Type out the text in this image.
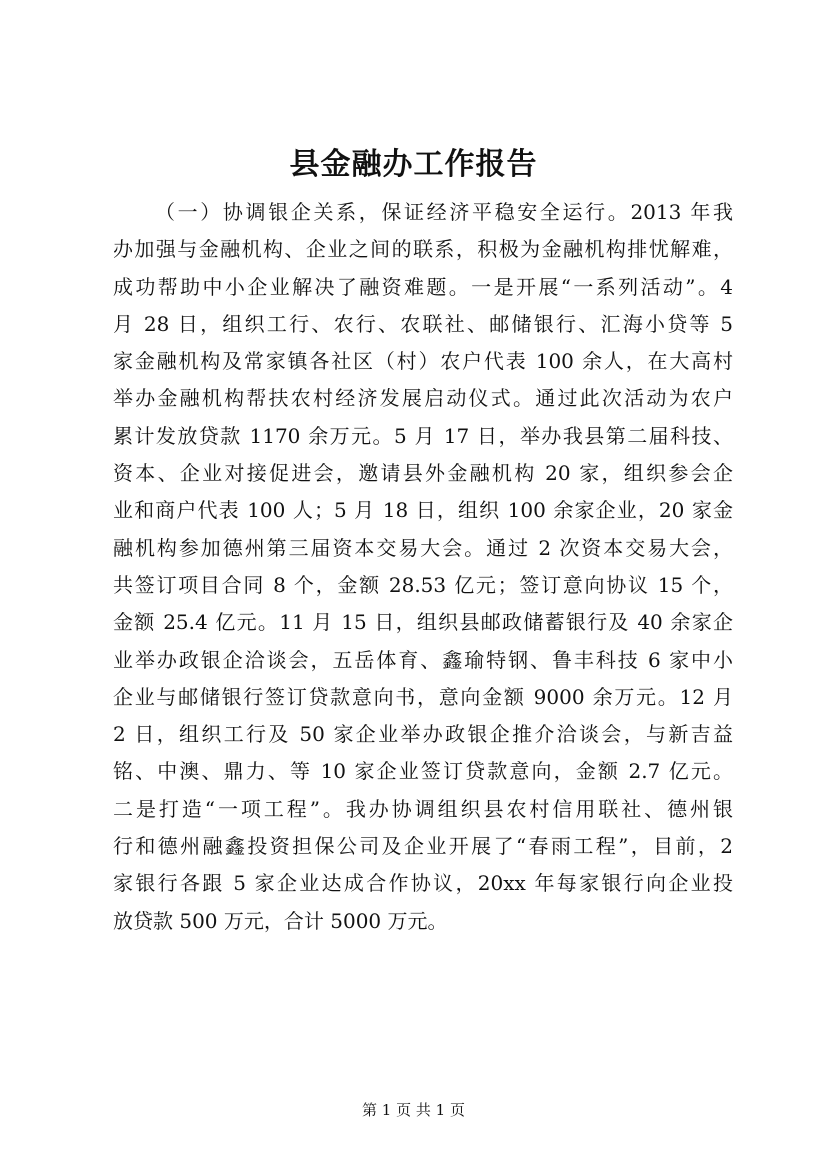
县金融办工作报告
（一）协调银企关系，保证经济平稳安全运行。2013 年我
办加强与金融机构、企业之间的联系，积极为金融机构排忧解难，
成功帮助中小企业解决了融资难题。一是开展“一系列活动”。4
月 28 日，组织工行、农行、农联社、邮储银行、汇海小贷等 5
家金融机构及常家镇各社区（村）农户代表 100 余人，在大高村
举办金融机构帮扶农村经济发展启动仪式。通过此次活动为农户
累计发放贷款 1170 余万元。5 月 17 日，举办我县第二届科技、
资本、企业对接促进会，邀请县外金融机构 20 家，组织参会企
业和商户代表 100 人；5 月 18 日，组织 100 余家企业，20 家金
融机构参加德州第三届资本交易大会。通过 2 次资本交易大会，
共签订项目合同 8 个，金额 28.53 亿元；签订意向协议 15 个，
金额 25.4 亿元。11 月 15 日，组织县邮政储蓄银行及 40 余家企
业举办政银企洽谈会，五岳体育、鑫瑜特钢、鲁丰科技 6 家中小
企业与邮储银行签订贷款意向书，意向金额 9000 余万元。12 月
2 日，组织工行及 50 家企业举办政银企推介洽谈会，与新吉益
铭、中澳、鼎力、等 10 家企业签订贷款意向，金额 2.7 亿元。
二是打造“一项工程”。我办协调组织县农村信用联社、德州银
行和德州融鑫投资担保公司及企业开展了“春雨工程”，目前，2
家银行各跟 5 家企业达成合作协议，20xx 年每家银行向企业投
放贷款 500 万元，合计 5000 万元。
第 1 页 共 1 页
